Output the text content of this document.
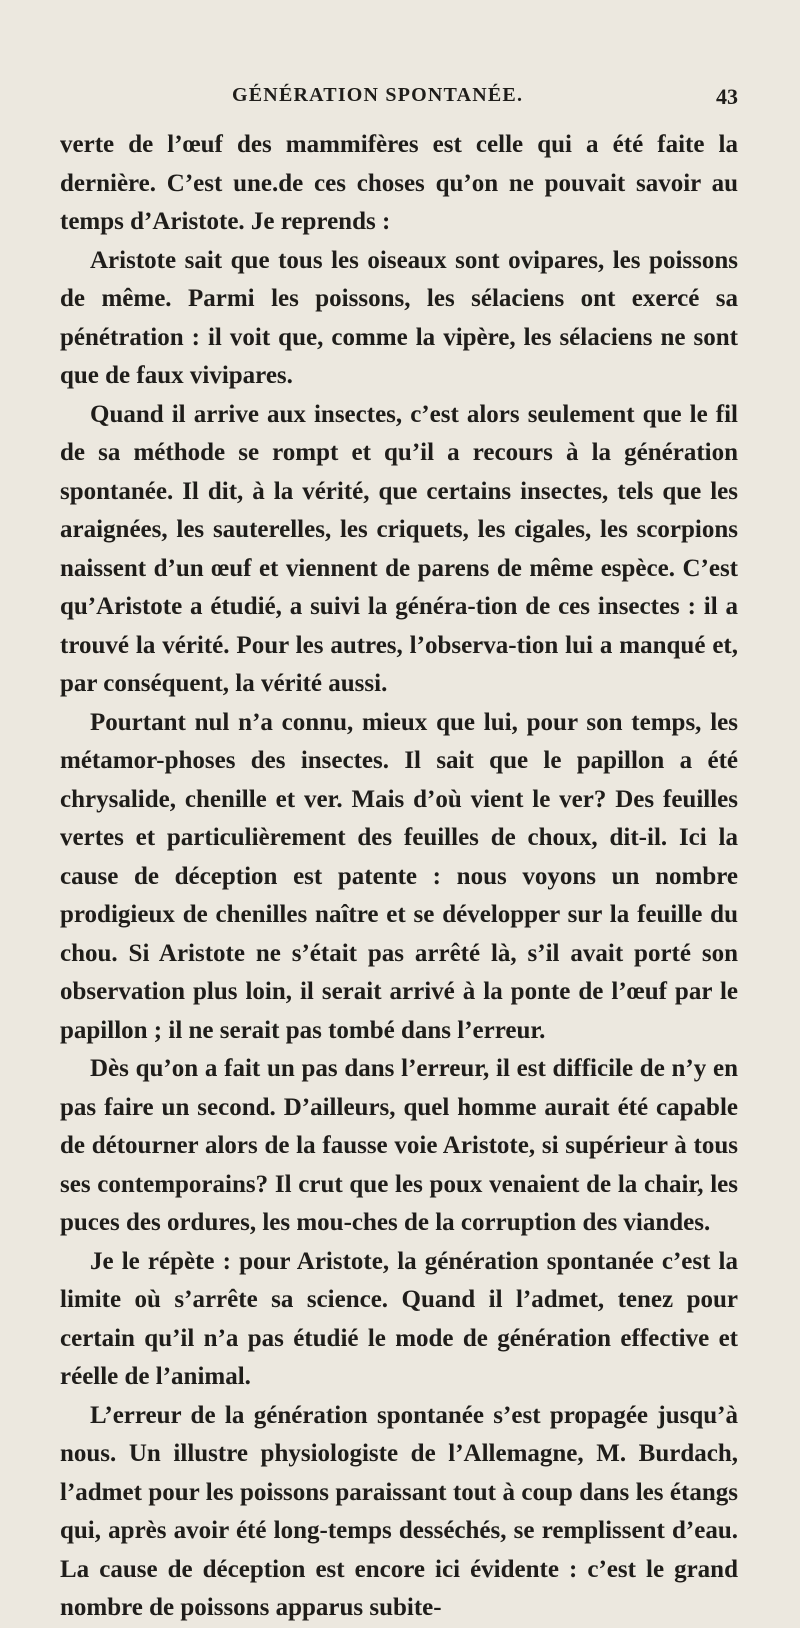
GÉNÉRATION SPONTANÉE.	43

verte de l’œuf des mammifères est celle qui a été faite la dernière. C’est une.de ces choses qu’on ne pouvait savoir au temps d’Aristote. Je reprends :

Aristote sait que tous les oiseaux sont ovipares, les poissons de même. Parmi les poissons, les sélaciens ont exercé sa pénétration : il voit que, comme la vipère, les sélaciens ne sont que de faux vivipares.

Quand il arrive aux insectes, c’est alors seulement que le fil de sa méthode se rompt et qu’il a recours à la génération spontanée. Il dit, à la vérité, que certains insectes, tels que les araignées, les sauterelles, les criquets, les cigales, les scorpions naissent d’un œuf et viennent de parens de même espèce. C’est qu’Aristote a étudié, a suivi la généra-tion de ces insectes : il a trouvé la vérité. Pour les autres, l’observa-tion lui a manqué et, par conséquent, la vérité aussi.

Pourtant nul n’a connu, mieux que lui, pour son temps, les métamor-phoses des insectes. Il sait que le papillon a été chrysalide, chenille et ver. Mais d’où vient le ver? Des feuilles vertes et particulièrement des feuilles de choux, dit-il. Ici la cause de déception est patente : nous voyons un nombre prodigieux de chenilles naître et se développer sur la feuille du chou. Si Aristote ne s’était pas arrêté là, s’il avait porté son observation plus loin, il serait arrivé à la ponte de l’œuf par le papillon ; il ne serait pas tombé dans l’erreur.

Dès qu’on a fait un pas dans l’erreur, il est difficile de n’y en pas faire un second. D’ailleurs, quel homme aurait été capable de détourner alors de la fausse voie Aristote, si supérieur à tous ses contemporains? Il crut que les poux venaient de la chair, les puces des ordures, les mou-ches de la corruption des viandes.

Je le répète : pour Aristote, la génération spontanée c’est la limite où s’arrête sa science. Quand il l’admet, tenez pour certain qu’il n’a pas étudié le mode de génération effective et réelle de l’animal.

L’erreur de la génération spontanée s’est propagée jusqu’à nous. Un illustre physiologiste de l’Allemagne, M. Burdach, l’admet pour les poissons paraissant tout à coup dans les étangs qui, après avoir été long-temps desséchés, se remplissent d’eau. La cause de déception est encore ici évidente : c’est le grand nombre de poissons apparus subite-
